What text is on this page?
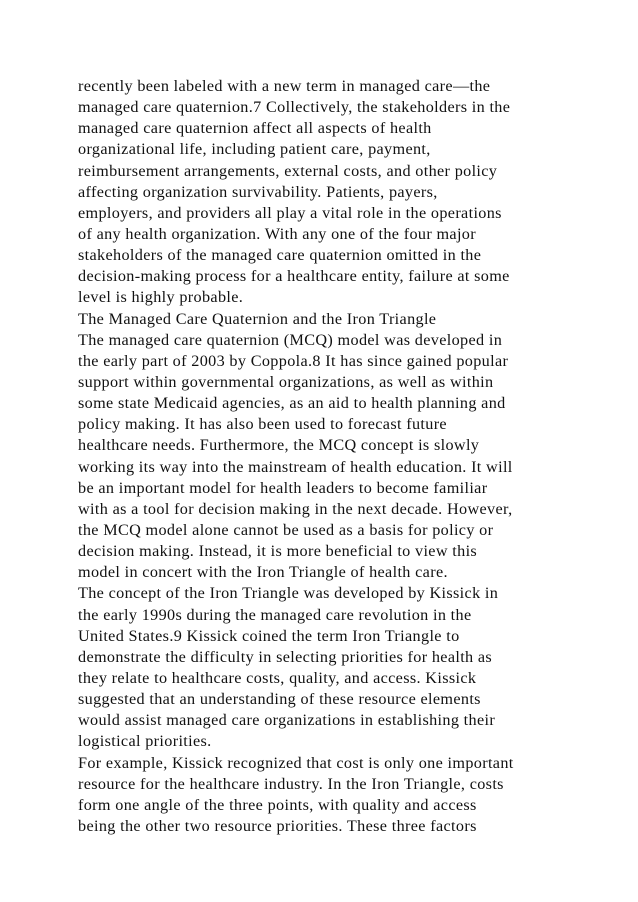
recently been labeled with a new term in managed care—the
managed care quaternion.7 Collectively, the stakeholders in the
managed care quaternion affect all aspects of health
organizational life, including patient care, payment,
reimbursement arrangements, external costs, and other policy
affecting organization survivability. Patients, payers,
employers, and providers all play a vital role in the operations
of any health organization. With any one of the four major
stakeholders of the managed care quaternion omitted in the
decision-making process for a healthcare entity, failure at some
level is highly probable.
The Managed Care Quaternion and the Iron Triangle
The managed care quaternion (MCQ) model was developed in
the early part of 2003 by Coppola.8 It has since gained popular
support within governmental organizations, as well as within
some state Medicaid agencies, as an aid to health planning and
policy making. It has also been used to forecast future
healthcare needs. Furthermore, the MCQ concept is slowly
working its way into the mainstream of health education. It will
be an important model for health leaders to become familiar
with as a tool for decision making in the next decade. However,
the MCQ model alone cannot be used as a basis for policy or
decision making. Instead, it is more beneficial to view this
model in concert with the Iron Triangle of health care.
The concept of the Iron Triangle was developed by Kissick in
the early 1990s during the managed care revolution in the
United States.9 Kissick coined the term Iron Triangle to
demonstrate the difficulty in selecting priorities for health as
they relate to healthcare costs, quality, and access. Kissick
suggested that an understanding of these resource elements
would assist managed care organizations in establishing their
logistical priorities.
For example, Kissick recognized that cost is only one important
resource for the healthcare industry. In the Iron Triangle, costs
form one angle of the three points, with quality and access
being the other two resource priorities. These three factors
